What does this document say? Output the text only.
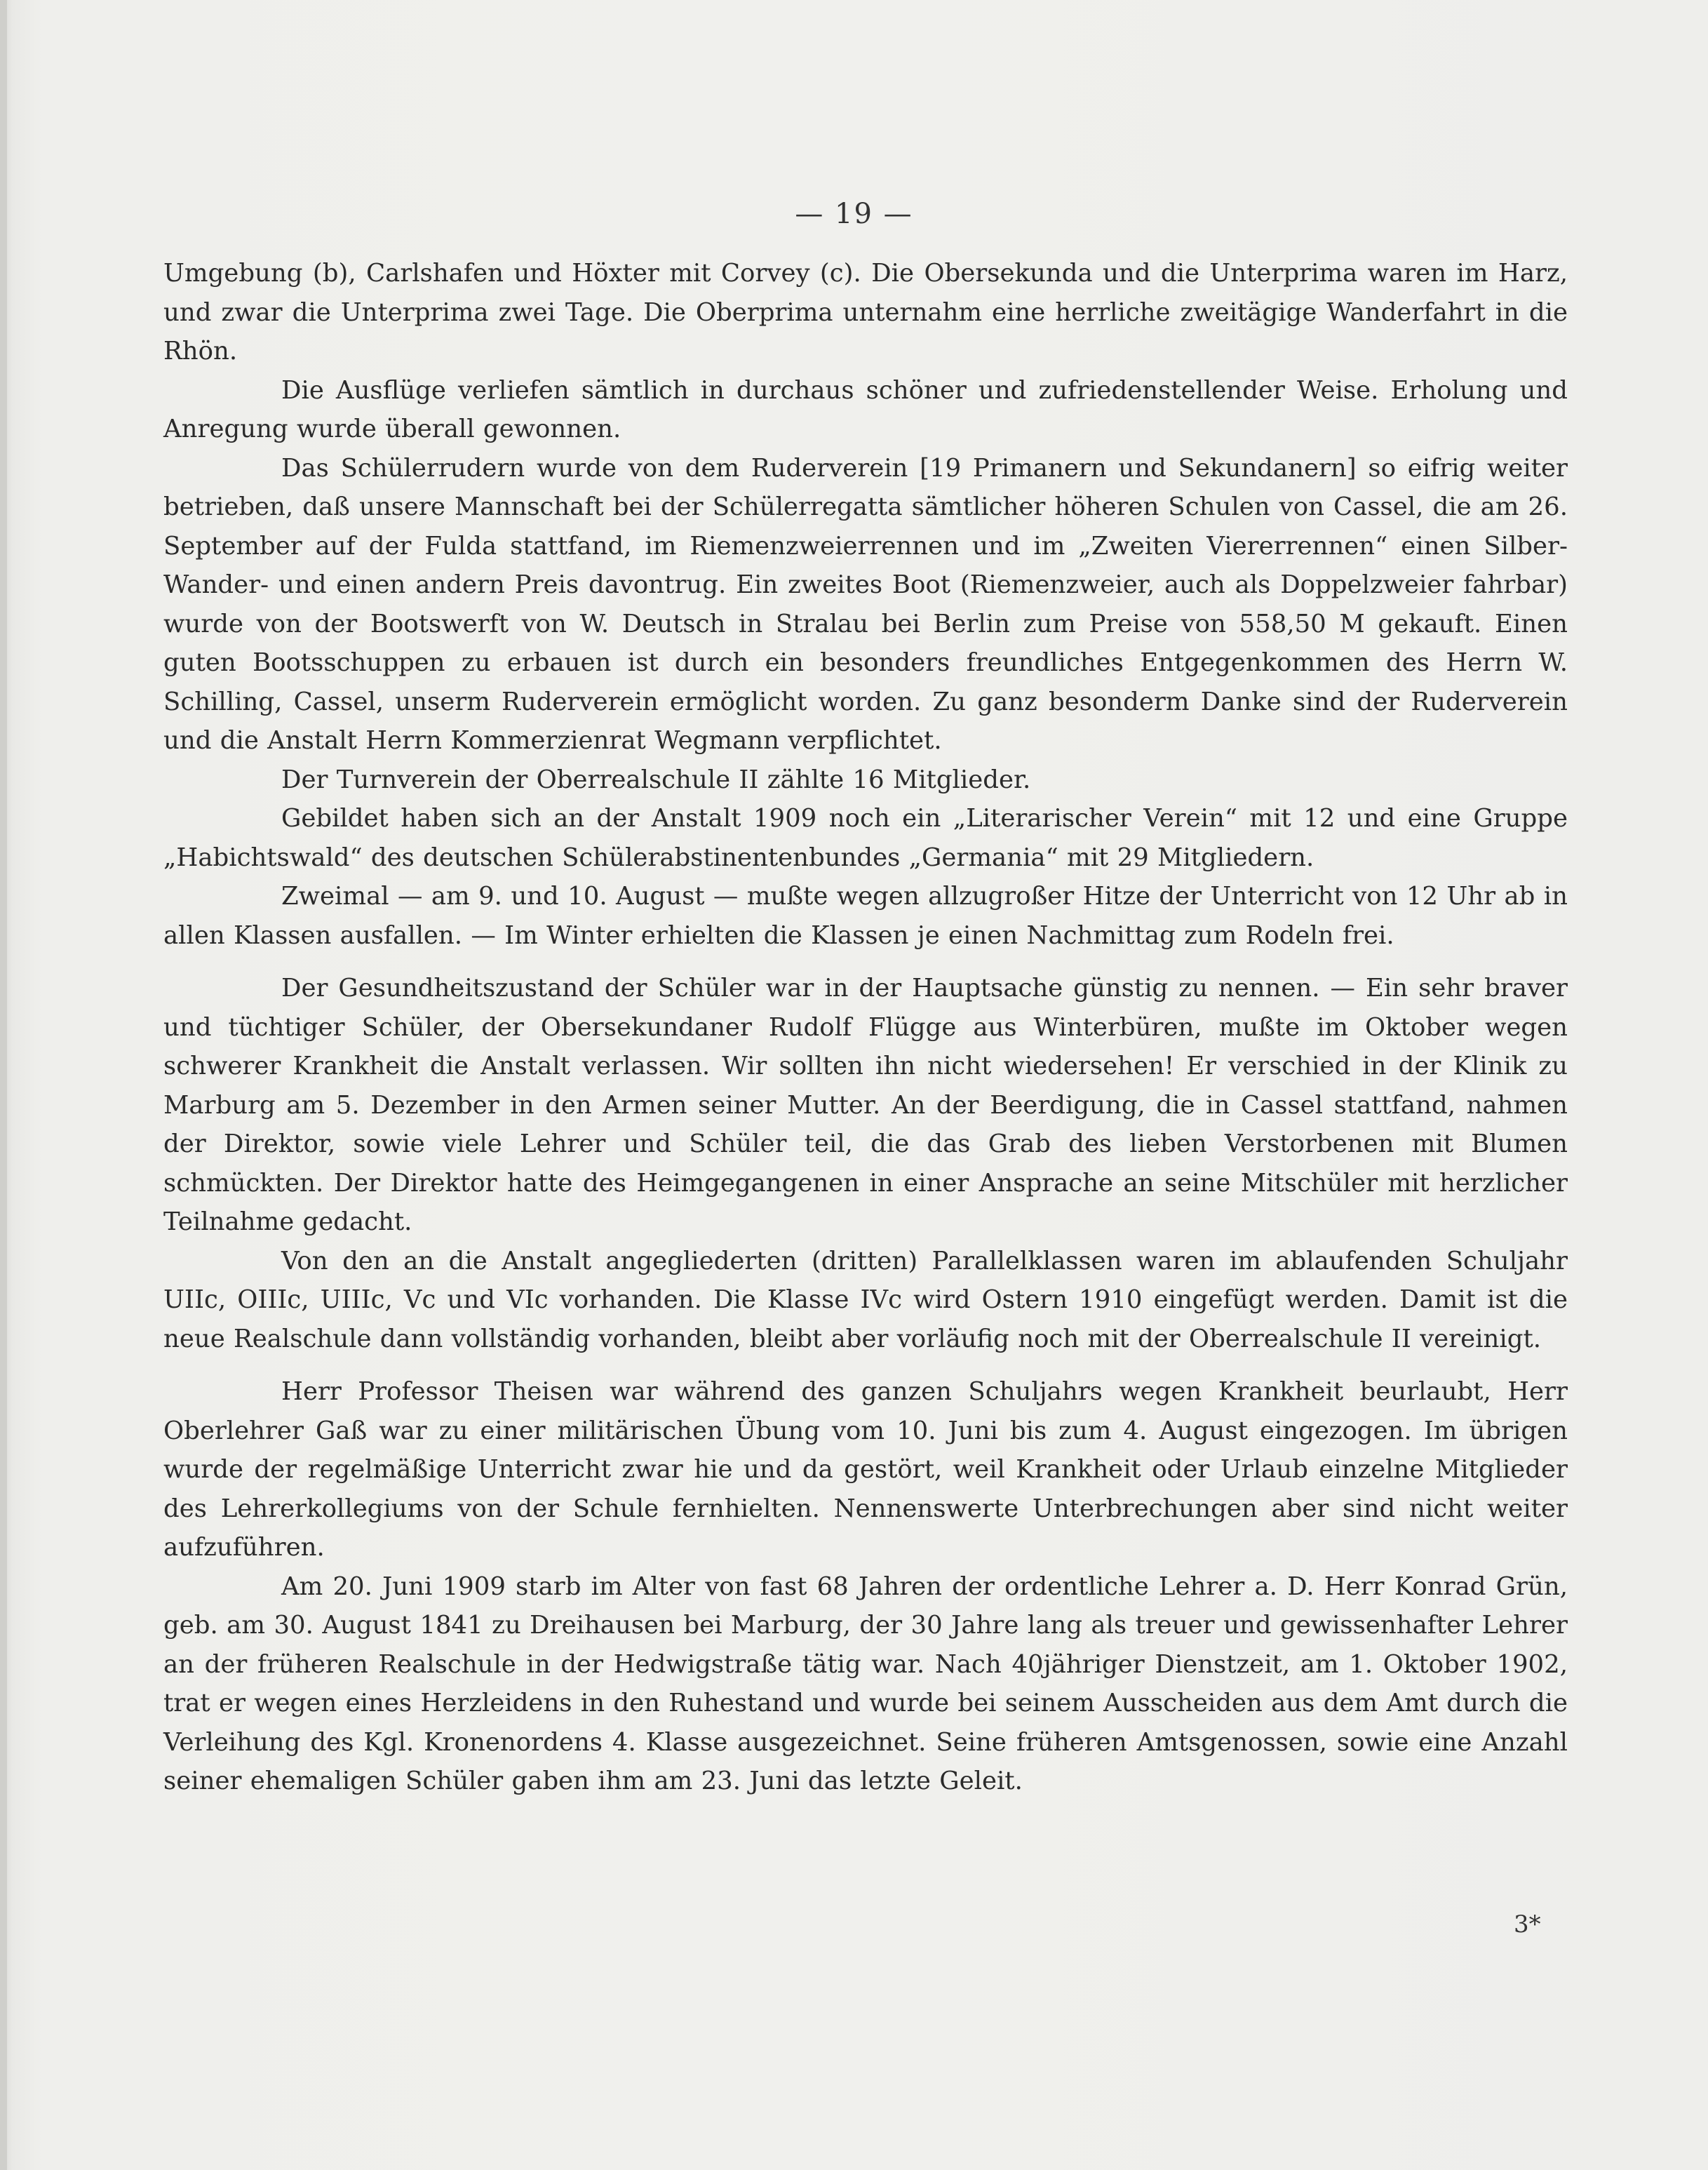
— 19 —

Umgebung (b), Carlshafen und Höxter mit Corvey (c). Die Obersekunda und die Unterprima waren im Harz, und zwar die Unterprima zwei Tage. Die Oberprima unternahm eine herrliche zweitägige Wanderfahrt in die Rhön.

Die Ausflüge verliefen sämtlich in durchaus schöner und zufriedenstellender Weise. Erholung und Anregung wurde überall gewonnen.

Das Schülerrudern wurde von dem Ruderverein [19 Primanern und Sekundanern] so eifrig weiter betrieben, daß unsere Mannschaft bei der Schülerregatta sämtlicher höheren Schulen von Cassel, die am 26. September auf der Fulda stattfand, im Riemenzweierrennen und im „Zweiten Viererrennen“ einen Silber-Wander- und einen andern Preis davontrug. Ein zweites Boot (Riemenzweier, auch als Doppelzweier fahrbar) wurde von der Bootswerft von W. Deutsch in Stralau bei Berlin zum Preise von 558,50 M gekauft. Einen guten Bootsschuppen zu erbauen ist durch ein besonders freundliches Entgegenkommen des Herrn W. Schilling, Cassel, unserm Ruderverein ermöglicht worden. Zu ganz besonderm Danke sind der Ruderverein und die Anstalt Herrn Kommerzienrat Wegmann verpflichtet.

Der Turnverein der Oberrealschule II zählte 16 Mitglieder.

Gebildet haben sich an der Anstalt 1909 noch ein „Literarischer Verein“ mit 12 und eine Gruppe „Habichtswald“ des deutschen Schülerabstinentenbundes „Germania“ mit 29 Mitgliedern.

Zweimal — am 9. und 10. August — mußte wegen allzugroßer Hitze der Unterricht von 12 Uhr ab in allen Klassen ausfallen. — Im Winter erhielten die Klassen je einen Nachmittag zum Rodeln frei.

Der Gesundheitszustand der Schüler war in der Hauptsache günstig zu nennen. — Ein sehr braver und tüchtiger Schüler, der Obersekundaner Rudolf Flügge aus Winterbüren, mußte im Oktober wegen schwerer Krankheit die Anstalt verlassen. Wir sollten ihn nicht wiedersehen! Er verschied in der Klinik zu Marburg am 5. Dezember in den Armen seiner Mutter. An der Beerdigung, die in Cassel stattfand, nahmen der Direktor, sowie viele Lehrer und Schüler teil, die das Grab des lieben Verstorbenen mit Blumen schmückten. Der Direktor hatte des Heimgegangenen in einer Ansprache an seine Mitschüler mit herzlicher Teilnahme gedacht.

Von den an die Anstalt angegliederten (dritten) Parallelklassen waren im ablaufenden Schuljahr UIIc, OIIIc, UIIIc, Vc und VIc vorhanden. Die Klasse IVc wird Ostern 1910 eingefügt werden. Damit ist die neue Realschule dann vollständig vorhanden, bleibt aber vorläufig noch mit der Oberrealschule II vereinigt.

Herr Professor Theisen war während des ganzen Schuljahrs wegen Krankheit beurlaubt, Herr Oberlehrer Gaß war zu einer militärischen Übung vom 10. Juni bis zum 4. August eingezogen. Im übrigen wurde der regelmäßige Unterricht zwar hie und da gestört, weil Krankheit oder Urlaub einzelne Mitglieder des Lehrerkollegiums von der Schule fernhielten. Nennenswerte Unterbrechungen aber sind nicht weiter aufzuführen.

Am 20. Juni 1909 starb im Alter von fast 68 Jahren der ordentliche Lehrer a. D. Herr Konrad Grün, geb. am 30. August 1841 zu Dreihausen bei Marburg, der 30 Jahre lang als treuer und gewissenhafter Lehrer an der früheren Realschule in der Hedwigstraße tätig war. Nach 40jähriger Dienstzeit, am 1. Oktober 1902, trat er wegen eines Herzleidens in den Ruhestand und wurde bei seinem Ausscheiden aus dem Amt durch die Verleihung des Kgl. Kronenordens 4. Klasse ausgezeichnet. Seine früheren Amtsgenossen, sowie eine Anzahl seiner ehemaligen Schüler gaben ihm am 23. Juni das letzte Geleit.

3*
